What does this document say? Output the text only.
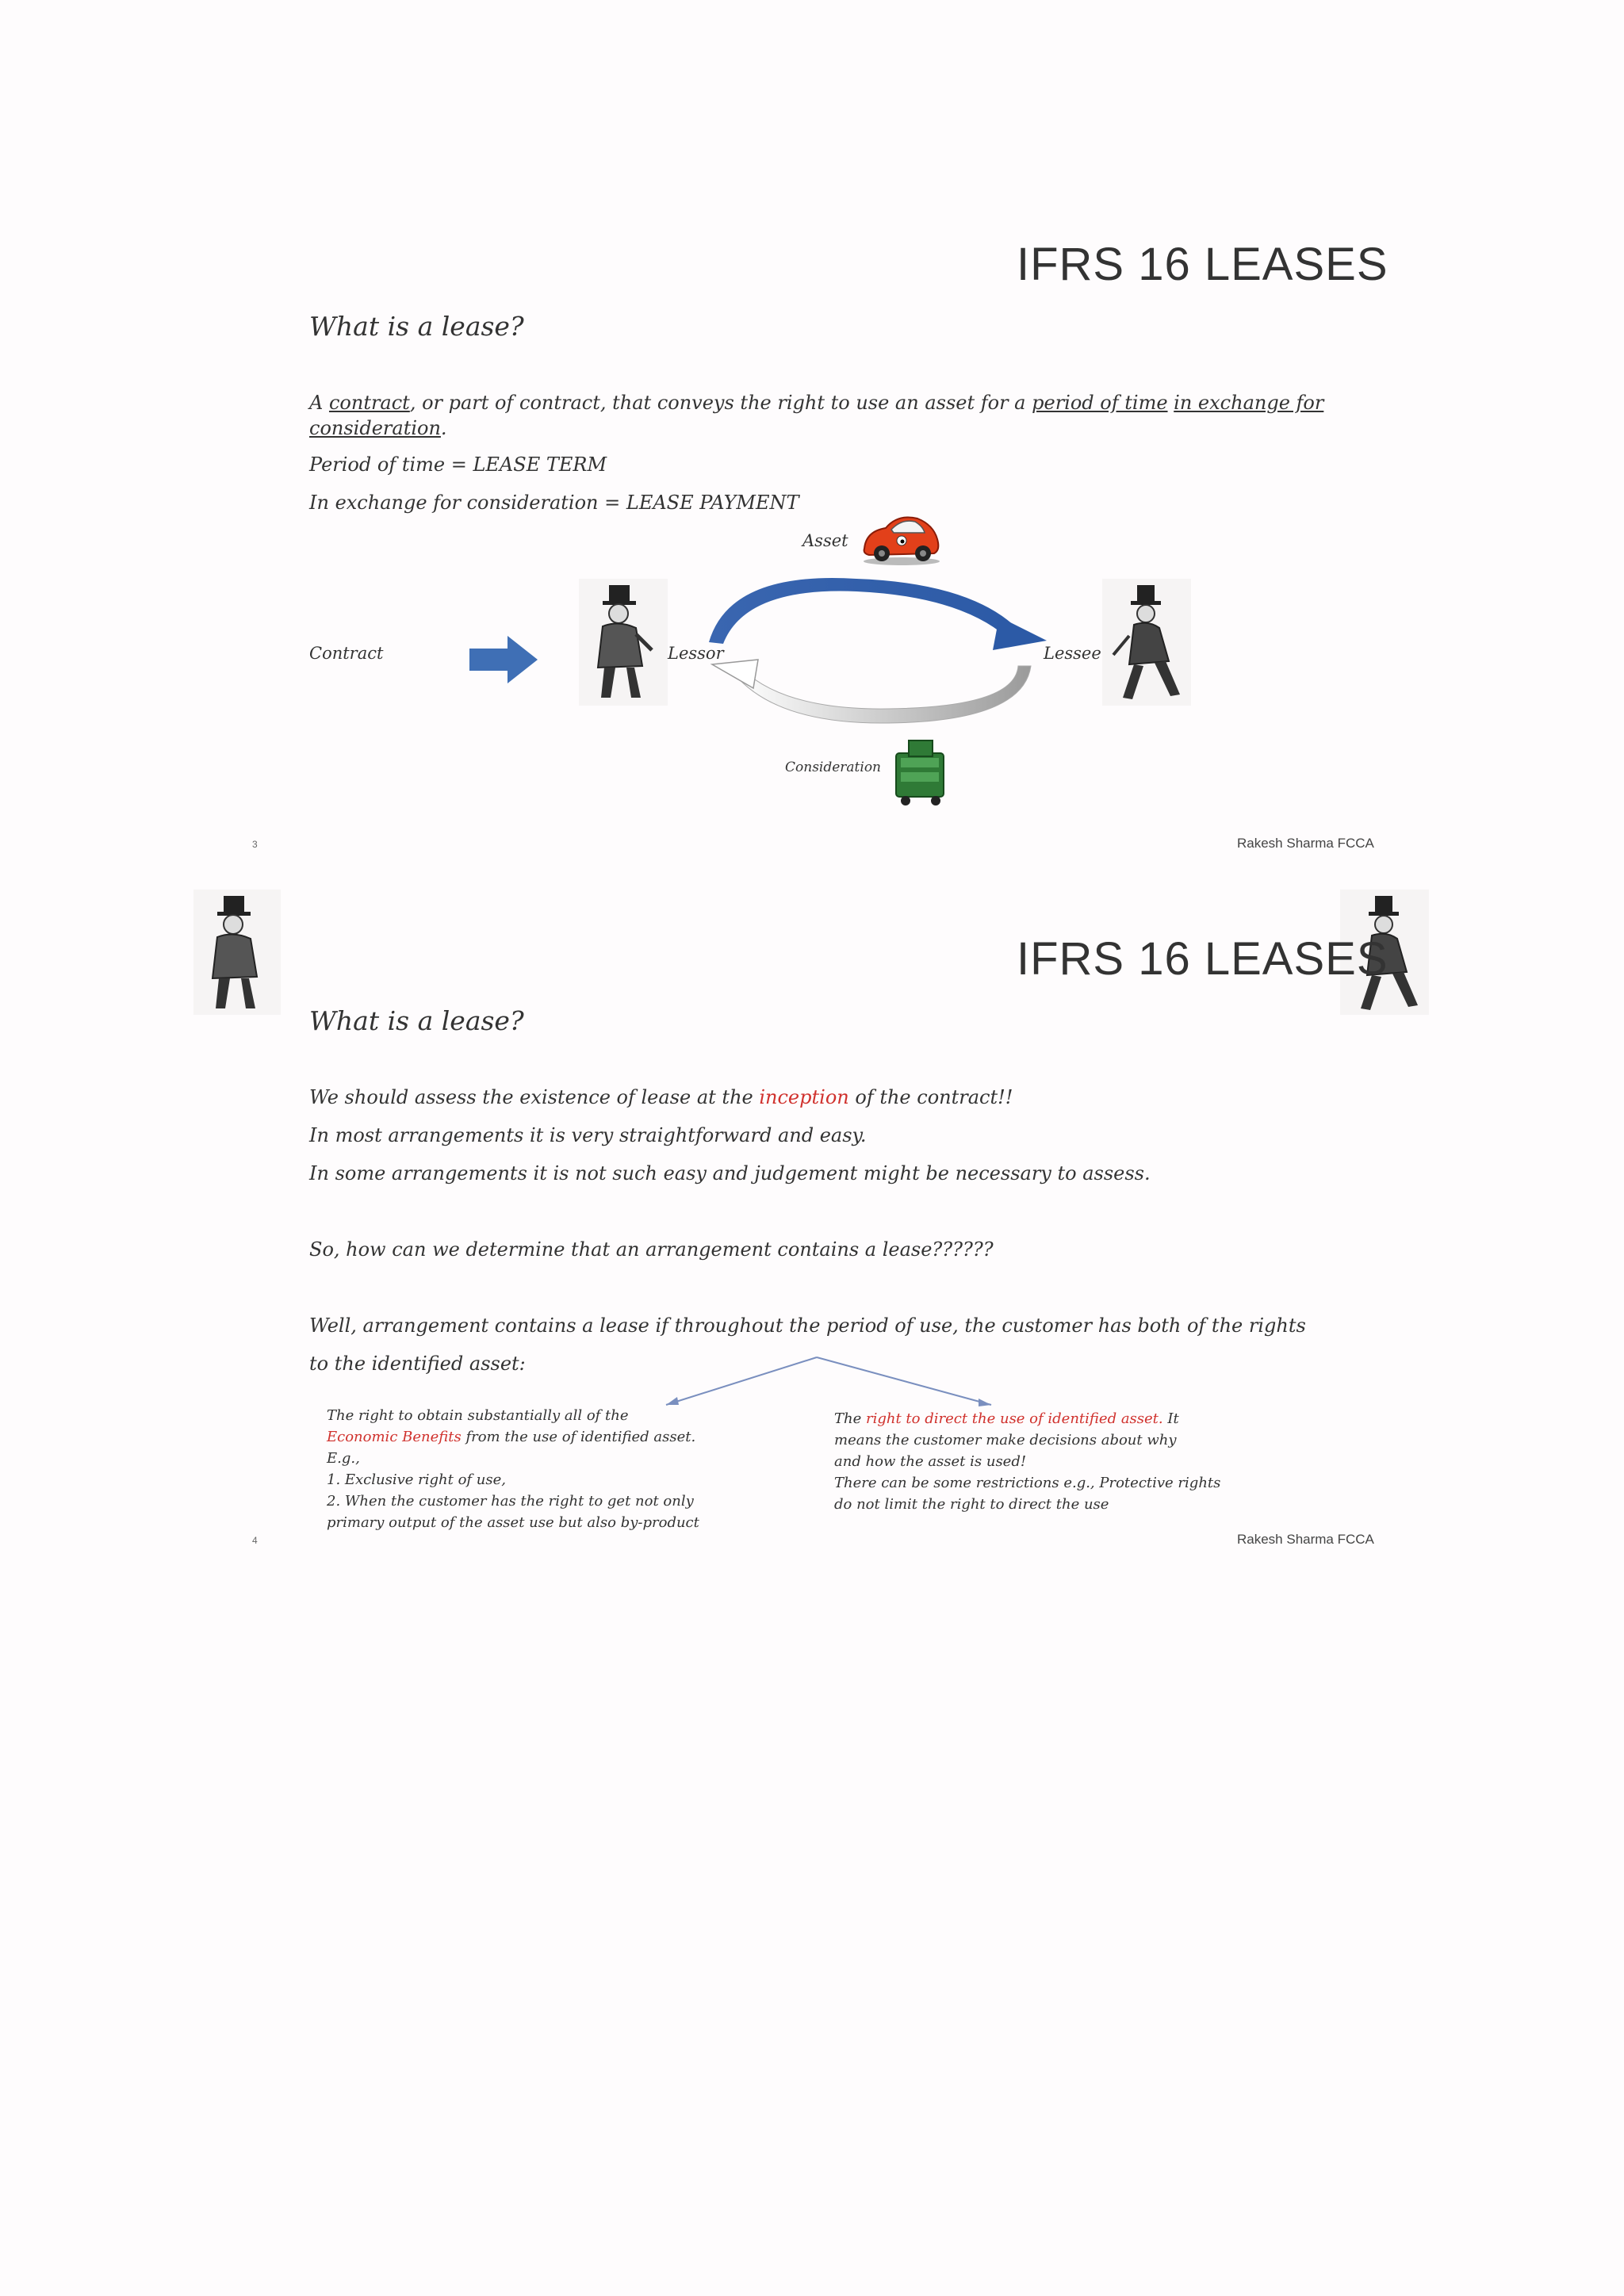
IFRS 16 LEASES
What is a lease?
A contract, or part of contract, that conveys the right to use an asset for a period of time in exchange for
consideration.
Period of time = LEASE TERM
In exchange for consideration = LEASE PAYMENT
Asset
Contract	Lessor	Lessee
Consideration
3	Rakesh Sharma FCCA
IFRS 16 LEASES
What is a lease?
We should assess the existence of lease at the inception of the contract!!
In most arrangements it is very straightforward and easy.
In some arrangements it is not such easy and judgement might be necessary to assess.
So, how can we determine that an arrangement contains a lease??????
Well, arrangement contains a lease if throughout the period of use, the customer has both of the rights
to the identified asset:
The right to obtain substantially all of the
Economic Benefits from the use of identified asset.
E.g.,
1. Exclusive right of use,
2. When the customer has the right to get not only
primary output of the asset use but also by-product
The right to direct the use of identified asset. It
means the customer make decisions about why
and how the asset is used!
There can be some restrictions e.g., Protective rights
do not limit the right to direct the use
4	Rakesh Sharma FCCA
